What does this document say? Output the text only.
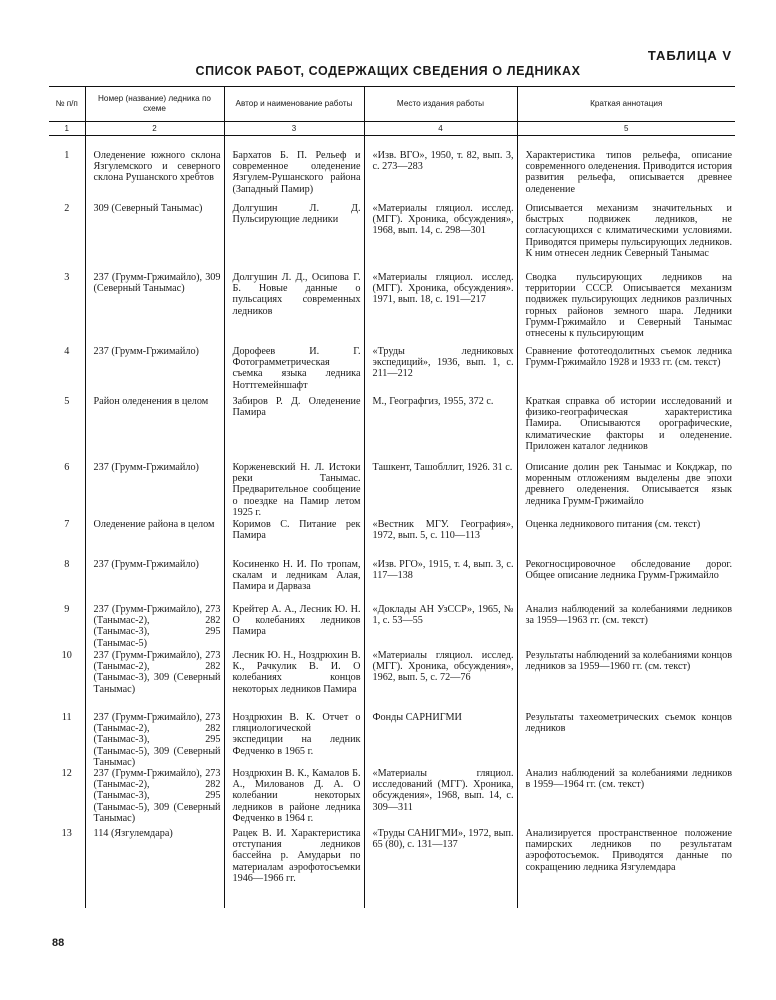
ТАБЛИЦА V
СПИСОК РАБОТ, СОДЕРЖАЩИХ СВЕДЕНИЯ О ЛЕДНИКАХ
№ п/п	Номер (название) ледника по схеме	Автор и наименование работы	Место издания работы	Краткая аннотация
1	2	3	4	5
1	Оледенение южного склона Язгулемского и северного склона Рушанского хребтов	Бархатов Б. П. Рельеф и современное оледенение Язгулем-Рушанского района (Западный Памир)	«Изв. ВГО», 1950, т. 82, вып. 3, с. 273—283	Характеристика типов рельефа, описание современного оледенения. Приводится история развития рельефа, описывается древнее оледенение
2	309 (Северный Танымас)	Долгушин Л. Д. Пульсирующие ледники	«Материалы гляциол. исслед. (МГГ). Хроника, обсуждения», 1968, вып. 14, с. 298—301	Описывается механизм значительных и быстрых подвижек ледников, не согласующихся с климатическими условиями. Приводятся примеры пульсирующих ледников. К ним отнесен ледник Северный Танымас
3	237 (Грумм-Гржимайло), 309 (Северный Танымас)	Долгушин Л. Д., Осипова Г. Б. Новые данные о пульсациях современных ледников	«Материалы гляциол. исслед. (МГГ). Хроника, обсуждения». 1971, вып. 18, с. 191—217	Сводка пульсирующих ледников на территории СССР. Описывается механизм подвижек пульсирующих ледников различных горных районов земного шара. Ледники Грумм-Гржимайло и Северный Танымас отнесены к пульсирующим
4	237 (Грумм-Гржимайло)	Дорофеев И. Г. Фотограмметрическая съемка языка ледника Ноттгемейншафт	«Труды ледниковых экспедиций», 1936, вып. 1, с. 211—212	Сравнение фототеодолитных съемок ледника Грумм-Гржимайло 1928 и 1933 гг. (см. текст)
5	Район оледенения в целом	Забиров Р. Д. Оледенение Памира	М., Географгиз, 1955, 372 с.	Краткая справка об истории исследований и физико-географическая характеристика Памира. Описываются орографические, климатические факторы и оледенение. Приложен каталог ледников
6	237 (Грумм-Гржимайло)	Корженевский Н. Л. Истоки реки Танымас. Предварительное сообщение о поездке на Памир летом 1925 г.	Ташкент, Ташобллит, 1926. 31 с.	Описание долин рек Танымас и Кокджар, по моренным отложениям выделены две эпохи древнего оледенения. Описывается язык ледника Грумм-Гржимайло
7	Оледенение района в целом	Коримов С. Питание рек Памира	«Вестник МГУ. География», 1972, вып. 5, с. 110—113	Оценка ледникового питания (см. текст)
8	237 (Грумм-Гржимайло)	Косиненко Н. И. По тропам, скалам и ледникам Алая, Памира и Дарваза	«Изв. РГО», 1915, т. 4, вып. 3, с. 117—138	Рекогносцировочное обследование дорог. Общее описание ледника Грумм-Гржимайло
9	237 (Грумм-Гржимайло), 273 (Танымас-2), 282 (Танымас-3), 295 (Танымас-5)	Крейтер А. А., Лесник Ю. Н. О колебаниях ледников Памира	«Доклады АН УзССР», 1965, № 1, с. 53—55	Анализ наблюдений за колебаниями ледников за 1959—1963 гг. (см. текст)
10	237 (Грумм-Гржимайло), 273 (Танымас-2), 282 (Танымас-3), 309 (Северный Танымас)	Лесник Ю. Н., Ноздрюхин В. К., Рачкулик В. И. О колебаниях концов некоторых ледников Памира	«Материалы гляциол. исслед. (МГГ). Хроника, обсуждения», 1962, вып. 5, с. 72—76	Результаты наблюдений за колебаниями концов ледников за 1959—1960 гг. (см. текст)
11	237 (Грумм-Гржимайло), 273 (Танымас-2), 282 (Танымас-3), 295 (Танымас-5), 309 (Северный Танымас)	Ноздрюхин В. К. Отчет о гляциологической экспедиции на ледник Федченко в 1965 г.	Фонды САРНИГМИ	Результаты тахеометрических съемок концов ледников
12	237 (Грумм-Гржимайло), 273 (Танымас-2), 282 (Танымас-3), 295 (Танымас-5), 309 (Северный Танымас)	Ноздрюхин В. К., Камалов Б. А., Милованов Д. А. О колебании некоторых ледников в районе ледника Федченко в 1964 г.	«Материалы гляциол. исследований (МГГ). Хроника, обсуждения», 1968, вып. 14, с. 309—311	Анализ наблюдений за колебаниями ледников в 1959—1964 гг. (см. текст)
13	114 (Язгулемдара)	Рацек В. И. Характеристика отступания ледников бассейна р. Амударьи по материалам аэрофотосъемки 1946—1966 гг.	«Труды САНИГМИ», 1972, вып. 65 (80), с. 131—137	Анализируется пространственное положение памирских ледников по результатам аэрофотосъемок. Приводятся данные по сокращению ледника Язгулемдара
88
